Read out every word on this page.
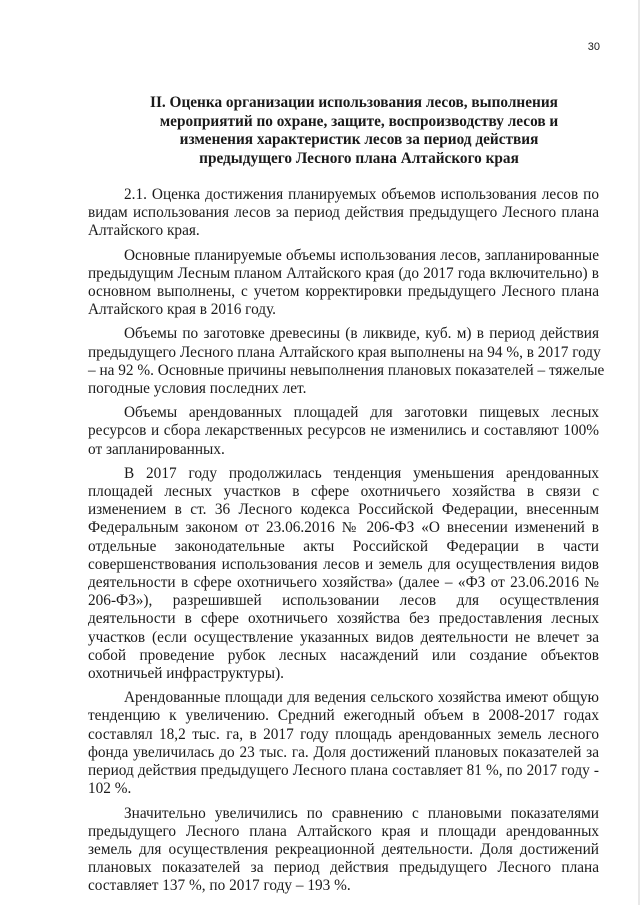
30
II. Оценка организации использования лесов, выполнения
мероприятий по охране, защите, воспроизводству лесов и
изменения характеристик лесов за период действия
предыдущего Лесного плана Алтайского края
2.1. Оценка достижения планируемых объемов использования лесов по
видам использования лесов за период действия предыдущего Лесного плана
Алтайского края.
Основные планируемые объемы использования лесов, запланированные
предыдущим Лесным планом Алтайского края (до 2017 года включительно) в
основном выполнены, с учетом корректировки предыдущего Лесного плана
Алтайского края в 2016 году.
Объемы по заготовке древесины (в ликвиде, куб. м) в период действия
предыдущего Лесного плана Алтайского края выполнены на 94 %, в 2017 году
– на 92 %. Основные причины невыполнения плановых показателей – тяжелые
погодные условия последних лет.
Объемы арендованных площадей для заготовки пищевых лесных
ресурсов и сбора лекарственных ресурсов не изменились и составляют 100%
от запланированных.
В 2017 году продолжилась тенденция уменьшения арендованных
площадей лесных участков в сфере охотничьего хозяйства в связи с
изменением в ст. 36 Лесного кодекса Российской Федерации, внесенным
Федеральным законом от 23.06.2016 № 206-ФЗ «О внесении изменений в
отдельные законодательные акты Российской Федерации в части
совершенствования использования лесов и земель для осуществления видов
деятельности в сфере охотничьего хозяйства» (далее – «ФЗ от 23.06.2016 №
206-ФЗ»), разрешившей использовании лесов для осуществления
деятельности в сфере охотничьего хозяйства без предоставления лесных
участков (если осуществление указанных видов деятельности не влечет за
собой проведение рубок лесных насаждений или создание объектов
охотничьей инфраструктуры).
Арендованные площади для ведения сельского хозяйства имеют общую
тенденцию к увеличению. Средний ежегодный объем в 2008-2017 годах
составлял 18,2 тыс. га, в 2017 году площадь арендованных земель лесного
фонда увеличилась до 23 тыс. га. Доля достижений плановых показателей за
период действия предыдущего Лесного плана составляет 81 %, по 2017 году -
102 %.
Значительно увеличились по сравнению с плановыми показателями
предыдущего Лесного плана Алтайского края и площади арендованных
земель для осуществления рекреационной деятельности. Доля достижений
плановых показателей за период действия предыдущего Лесного плана
составляет 137 %, по 2017 году – 193 %.
